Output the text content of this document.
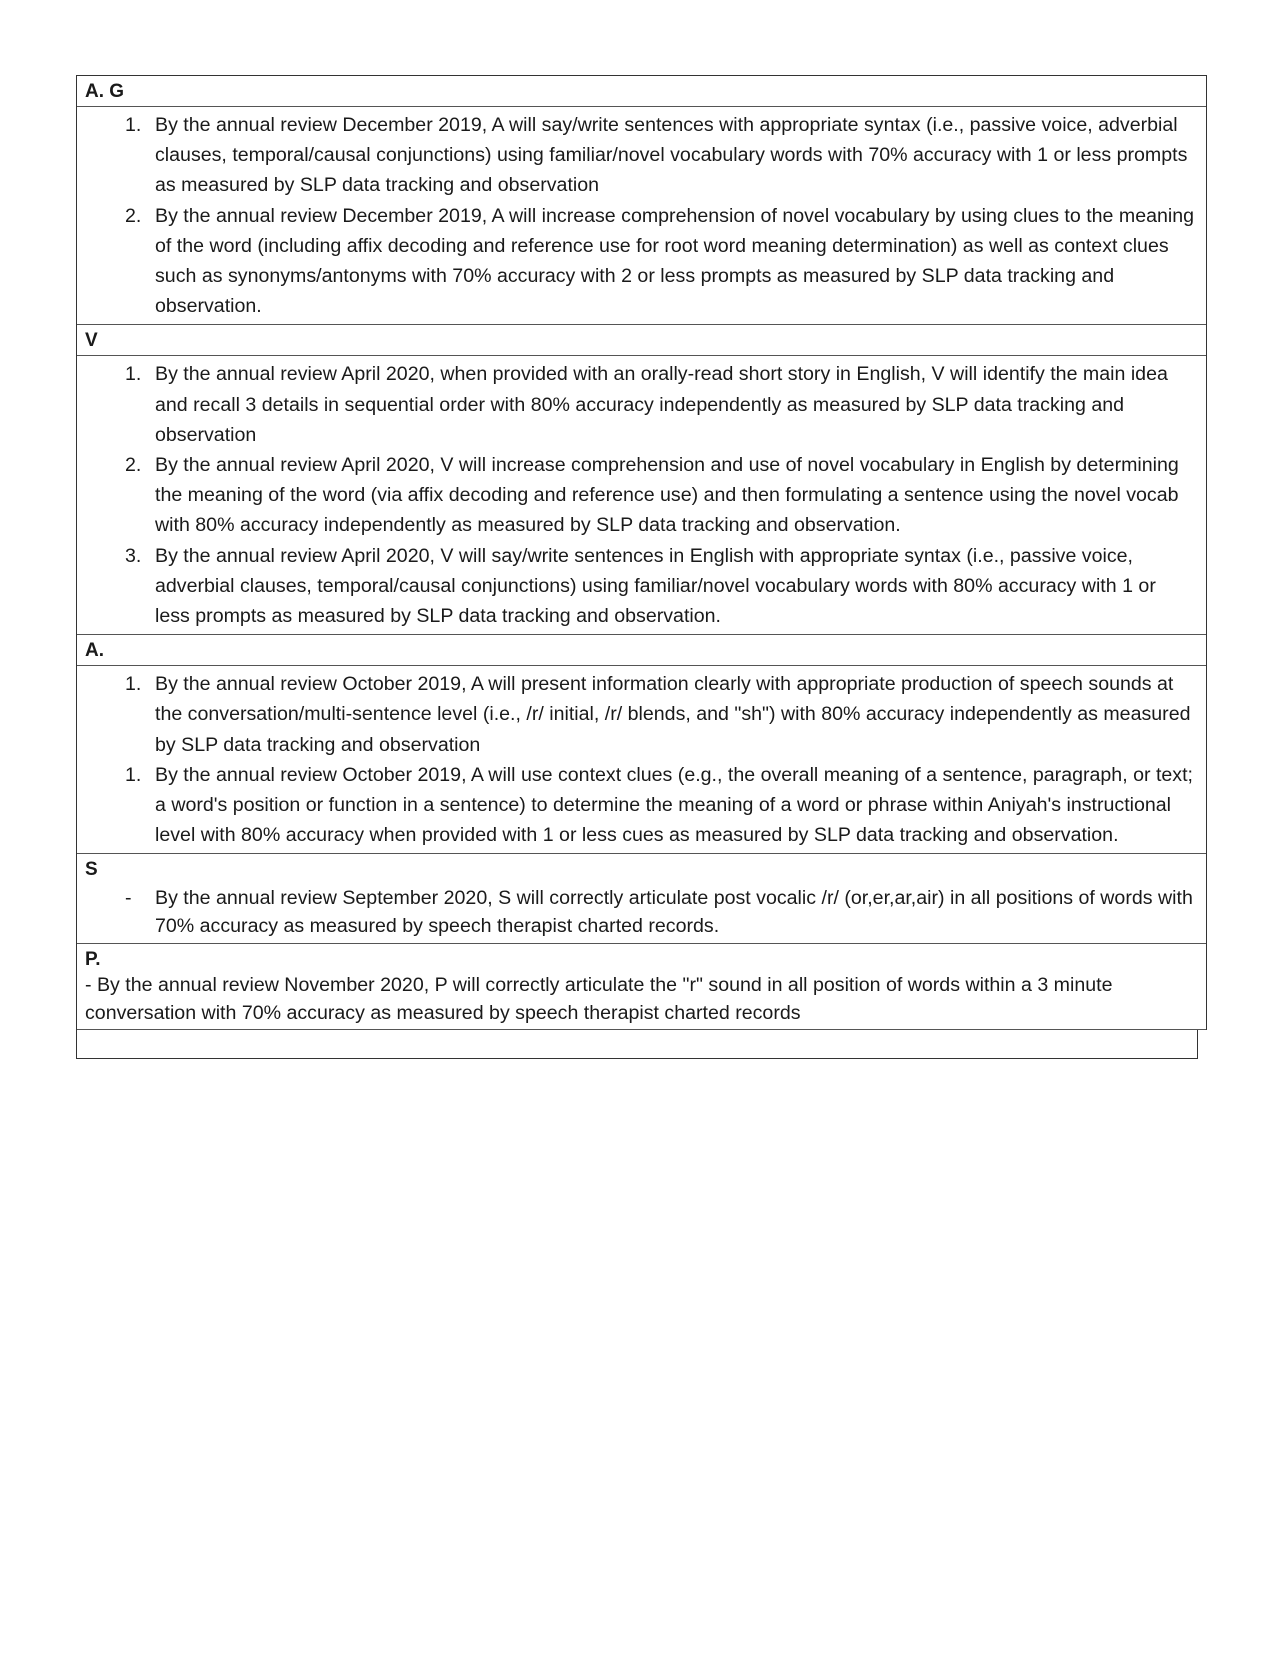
A. G
1. By the annual review December 2019, A will say/write sentences with appropriate syntax (i.e., passive voice, adverbial clauses, temporal/causal conjunctions) using familiar/novel vocabulary words with 70% accuracy with 1 or less prompts as measured by SLP data tracking and observation
2. By the annual review December 2019, A will increase comprehension of novel vocabulary by using clues to the meaning of the word (including affix decoding and reference use for root word meaning determination) as well as context clues such as synonyms/antonyms with 70% accuracy with 2 or less prompts as measured by SLP data tracking and observation.
V
1. By the annual review April 2020, when provided with an orally-read short story in English, V will identify the main idea and recall 3 details in sequential order with 80% accuracy independently as measured by SLP data tracking and observation
2. By the annual review April 2020, V will increase comprehension and use of novel vocabulary in English by determining the meaning of the word (via affix decoding and reference use) and then formulating a sentence using the novel vocab with 80% accuracy independently as measured by SLP data tracking and observation.
3. By the annual review April 2020, V will say/write sentences in English with appropriate syntax (i.e., passive voice, adverbial clauses, temporal/causal conjunctions) using familiar/novel vocabulary words with 80% accuracy with 1 or less prompts as measured by SLP data tracking and observation.
A.
1. By the annual review October 2019, A will present information clearly with appropriate production of speech sounds at the conversation/multi-sentence level (i.e., /r/ initial, /r/ blends, and "sh") with 80% accuracy independently as measured by SLP data tracking and observation
1. By the annual review October 2019, A will use context clues (e.g., the overall meaning of a sentence, paragraph, or text; a word's position or function in a sentence) to determine the meaning of a word or phrase within Aniyah's instructional level with 80% accuracy when provided with 1 or less cues as measured by SLP data tracking and observation.
S
-	By the annual review September 2020, S will correctly articulate post vocalic /r/ (or,er,ar,air) in all positions of words with 70% accuracy as measured by speech therapist charted records.
P.
- By the annual review November 2020, P will correctly articulate the "r" sound in all position of words within a 3 minute conversation with 70% accuracy as measured by speech therapist charted records
